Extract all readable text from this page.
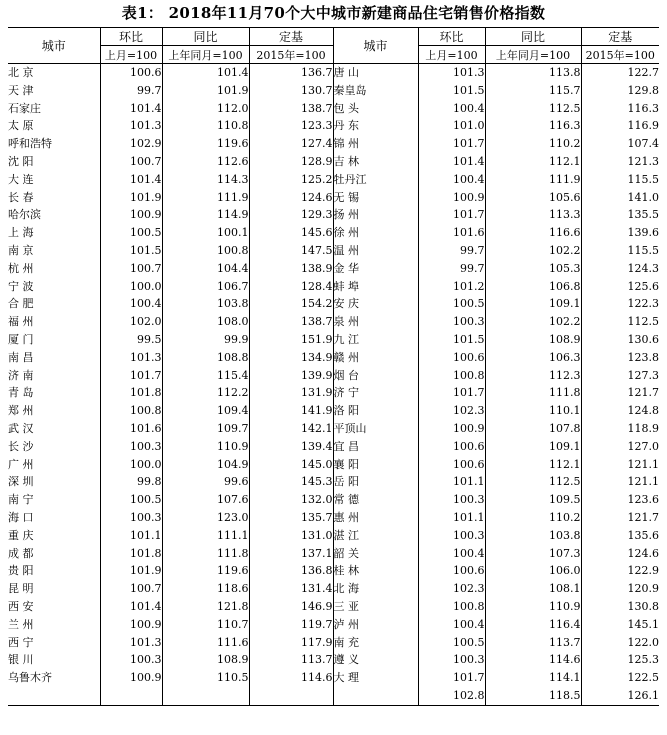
表1： 2018年11月70个大中城市新建商品住宅销售价格指数
城市	环比	同比	定基	城市	环比	同比	定基
	上月=100	上年同月=100	2015年=100		上月=100	上年同月=100	2015年=100
北 京	100.6	101.4	136.7	唐 山	101.3	113.8	122.7
天 津	99.7	101.9	130.7	秦皇岛	101.5	115.7	129.8
石家庄	101.4	112.0	138.7	包 头	100.4	112.5	116.3
太 原	101.3	110.8	123.3	丹 东	101.0	116.3	116.9
呼和浩特	102.9	119.6	127.4	锦 州	101.7	110.2	107.4
沈 阳	100.7	112.6	128.9	吉 林	101.4	112.1	121.3
大 连	101.4	114.3	125.2	牡丹江	100.4	111.9	115.5
长 春	101.9	111.9	124.6	无 锡	100.9	105.6	141.0
哈尔滨	100.9	114.9	129.3	扬 州	101.7	113.3	135.5
上 海	100.5	100.1	145.6	徐 州	101.6	116.6	139.6
南 京	101.5	100.8	147.5	温 州	99.7	102.2	115.5
杭 州	100.7	104.4	138.9	金 华	99.7	105.3	124.3
宁 波	100.0	106.7	128.4	蚌 埠	101.2	106.8	125.6
合 肥	100.4	103.8	154.2	安 庆	100.5	109.1	122.3
福 州	102.0	108.0	138.7	泉 州	100.3	102.2	112.5
厦 门	99.5	99.9	151.9	九 江	101.5	108.9	130.6
南 昌	101.3	108.8	134.9	赣 州	100.6	106.3	123.8
济 南	101.7	115.4	139.9	烟 台	100.8	112.3	127.3
青 岛	101.8	112.2	131.9	济 宁	101.7	111.8	121.7
郑 州	100.8	109.4	141.9	洛 阳	102.3	110.1	124.8
武 汉	101.6	109.7	142.1	平顶山	100.9	107.8	118.9
长 沙	100.3	110.9	139.4	宜 昌	100.6	109.1	127.0
广 州	100.0	104.9	145.0	襄 阳	100.6	112.1	121.1
深 圳	99.8	99.6	145.3	岳 阳	101.1	112.5	121.1
南 宁	100.5	107.6	132.0	常 德	100.3	109.5	123.6
海 口	100.3	123.0	135.7	惠 州	101.1	110.2	121.7
重 庆	101.1	111.1	131.0	湛 江	100.3	103.8	135.6
成 都	101.8	111.8	137.1	韶 关	100.4	107.3	124.6
贵 阳	101.9	119.6	136.8	桂 林	100.6	106.0	122.9
昆 明	100.7	118.6	131.4	北 海	102.3	108.1	120.9
西 安	101.4	121.8	146.9	三 亚	100.8	110.9	130.8
兰 州	100.9	110.7	119.7	泸 州	100.4	116.4	145.1
西 宁	101.3	111.6	117.9	南 充	100.5	113.7	122.0
银 川	100.3	108.9	113.7	遵 义	100.3	114.6	125.3
乌鲁木齐	100.9	110.5	114.6	大 理	101.7	114.1	122.5
					102.8	118.5	126.1
